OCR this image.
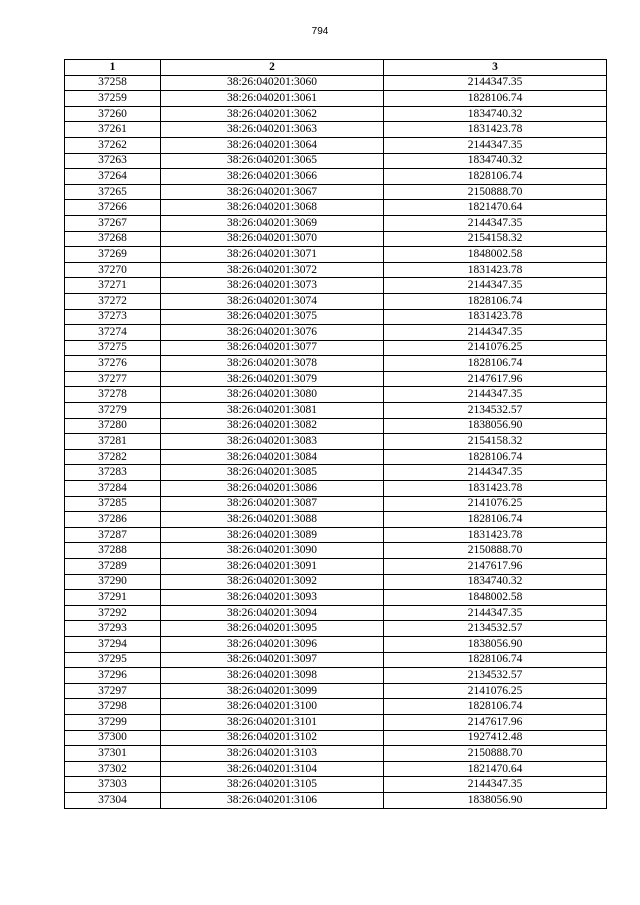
794
1	2	3
37258	38:26:040201:3060	2144347.35
37259	38:26:040201:3061	1828106.74
37260	38:26:040201:3062	1834740.32
37261	38:26:040201:3063	1831423.78
37262	38:26:040201:3064	2144347.35
37263	38:26:040201:3065	1834740.32
37264	38:26:040201:3066	1828106.74
37265	38:26:040201:3067	2150888.70
37266	38:26:040201:3068	1821470.64
37267	38:26:040201:3069	2144347.35
37268	38:26:040201:3070	2154158.32
37269	38:26:040201:3071	1848002.58
37270	38:26:040201:3072	1831423.78
37271	38:26:040201:3073	2144347.35
37272	38:26:040201:3074	1828106.74
37273	38:26:040201:3075	1831423.78
37274	38:26:040201:3076	2144347.35
37275	38:26:040201:3077	2141076.25
37276	38:26:040201:3078	1828106.74
37277	38:26:040201:3079	2147617.96
37278	38:26:040201:3080	2144347.35
37279	38:26:040201:3081	2134532.57
37280	38:26:040201:3082	1838056.90
37281	38:26:040201:3083	2154158.32
37282	38:26:040201:3084	1828106.74
37283	38:26:040201:3085	2144347.35
37284	38:26:040201:3086	1831423.78
37285	38:26:040201:3087	2141076.25
37286	38:26:040201:3088	1828106.74
37287	38:26:040201:3089	1831423.78
37288	38:26:040201:3090	2150888.70
37289	38:26:040201:3091	2147617.96
37290	38:26:040201:3092	1834740.32
37291	38:26:040201:3093	1848002.58
37292	38:26:040201:3094	2144347.35
37293	38:26:040201:3095	2134532.57
37294	38:26:040201:3096	1838056.90
37295	38:26:040201:3097	1828106.74
37296	38:26:040201:3098	2134532.57
37297	38:26:040201:3099	2141076.25
37298	38:26:040201:3100	1828106.74
37299	38:26:040201:3101	2147617.96
37300	38:26:040201:3102	1927412.48
37301	38:26:040201:3103	2150888.70
37302	38:26:040201:3104	1821470.64
37303	38:26:040201:3105	2144347.35
37304	38:26:040201:3106	1838056.90
